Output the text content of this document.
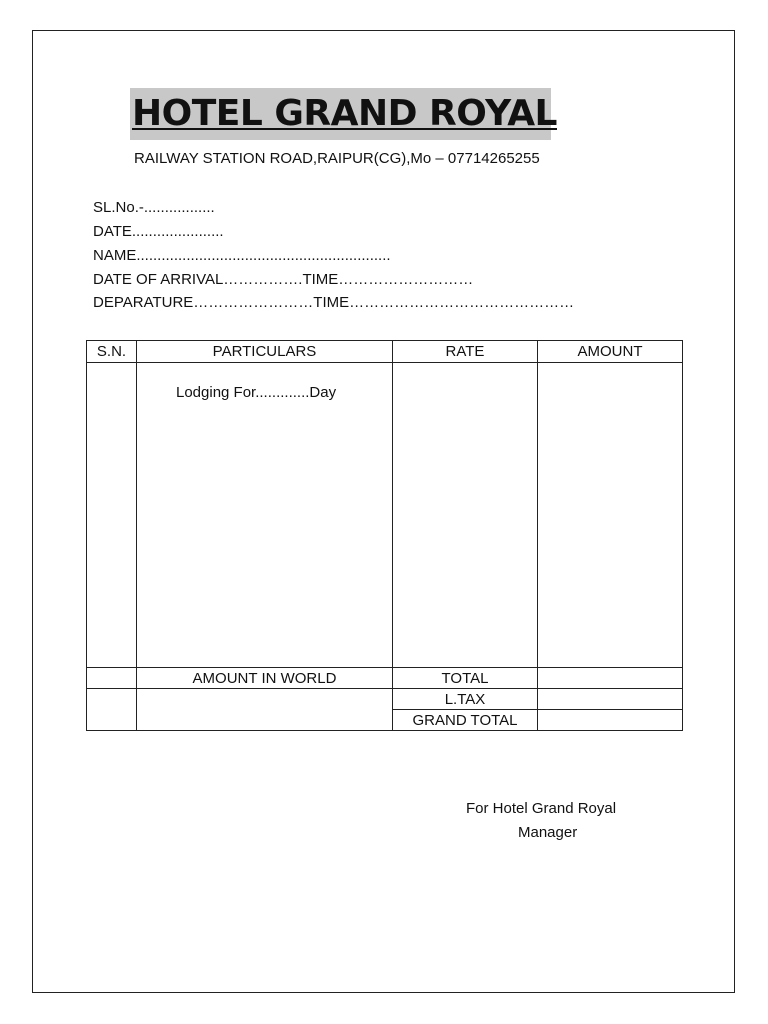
HOTEL GRAND ROYAL
RAILWAY STATION ROAD,RAIPUR(CG),Mo – 07714265255
SL.No.-.................
DATE......................
NAME.............................................................
DATE OF ARRIVAL…………….TIME………………………
DEPARATURE……………………TIME………………………………………
S.N.	PARTICULARS	RATE	AMOUNT

	Lodging For.............Day		

	AMOUNT IN WORLD	TOTAL	
		L.TAX	
		GRAND TOTAL	
For Hotel Grand Royal
Manager
